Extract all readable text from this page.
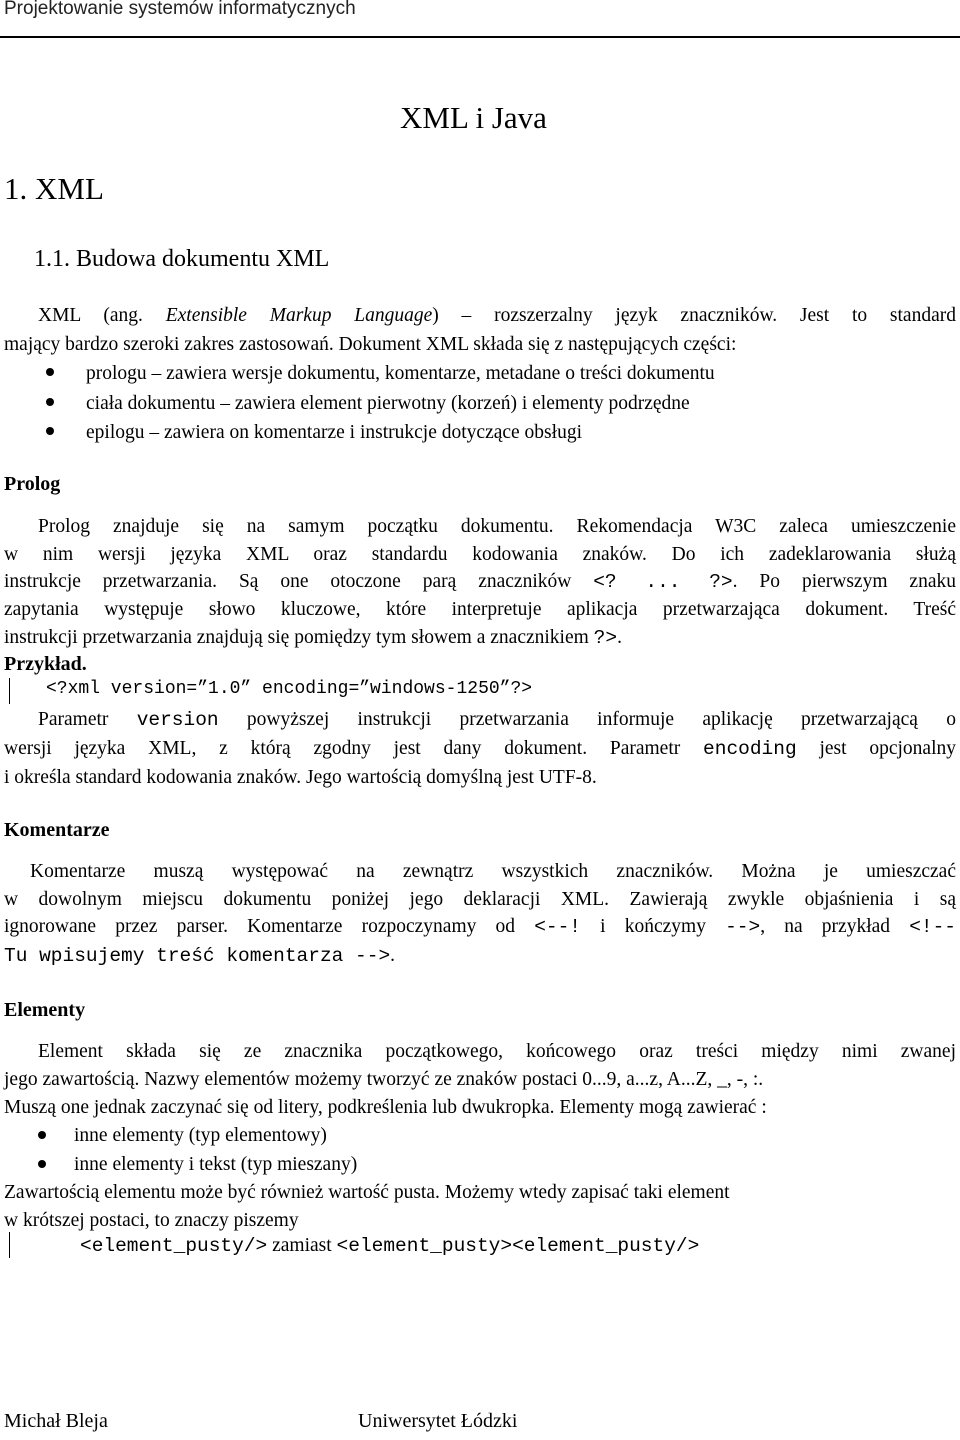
Projektowanie systemów informatycznych
XML i Java
1. XML
1.1. Budowa dokumentu XML
XML (ang. Extensible Markup Language) – rozszerzalny język znaczników. Jest to standard
mający bardzo szeroki zakres zastosowań. Dokument XML składa się z następujących części:
prologu – zawiera wersje dokumentu, komentarze, metadane o treści dokumentu
ciała dokumentu – zawiera element pierwotny (korzeń) i elementy podrzędne
epilogu – zawiera on komentarze i instrukcje dotyczące obsługi
Prolog
Prolog znajduje się na samym początku dokumentu. Rekomendacja W3C zaleca umieszczenie
w nim wersji języka XML oraz standardu kodowania znaków. Do ich zadeklarowania służą
instrukcje przetwarzania. Są one otoczone parą znaczników <? ... ?>. Po pierwszym znaku
zapytania występuje słowo kluczowe, które interpretuje aplikacja przetwarzająca dokument. Treść
instrukcji przetwarzania znajdują się pomiędzy tym słowem a znacznikiem ?>.
Przykład.
<?xml version=”1.0” encoding=”windows-1250”?>
Parametr version powyższej instrukcji przetwarzania informuje aplikację przetwarzającą o
wersji języka XML, z którą zgodny jest dany dokument. Parametr encoding jest opcjonalny
i określa standard kodowania znaków. Jego wartością domyślną jest UTF-8.
Komentarze
Komentarze muszą występować na zewnątrz wszystkich znaczników. Można je umieszczać
w dowolnym miejscu dokumentu poniżej jego deklaracji XML. Zawierają zwykle objaśnienia i są
ignorowane przez parser. Komentarze rozpoczynamy od <--! i kończymy -->, na przykład <!--
Tu wpisujemy treść komentarza -->.
Elementy
Element składa się ze znacznika początkowego, końcowego oraz treści między nimi zwanej
jego zawartością. Nazwy elementów możemy tworzyć ze znaków postaci 0...9, a...z, A...Z, _, -, :.
Muszą one jednak zaczynać się od litery, podkreślenia lub dwukropka. Elementy mogą zawierać :
inne elementy (typ elementowy)
inne elementy i tekst (typ mieszany)
Zawartością elementu może być również wartość pusta. Możemy wtedy zapisać taki element
w krótszej postaci, to znaczy piszemy
<element_pusty/> zamiast <element_pusty><element_pusty/>
Michał Bleja	Uniwersytet Łódzki
